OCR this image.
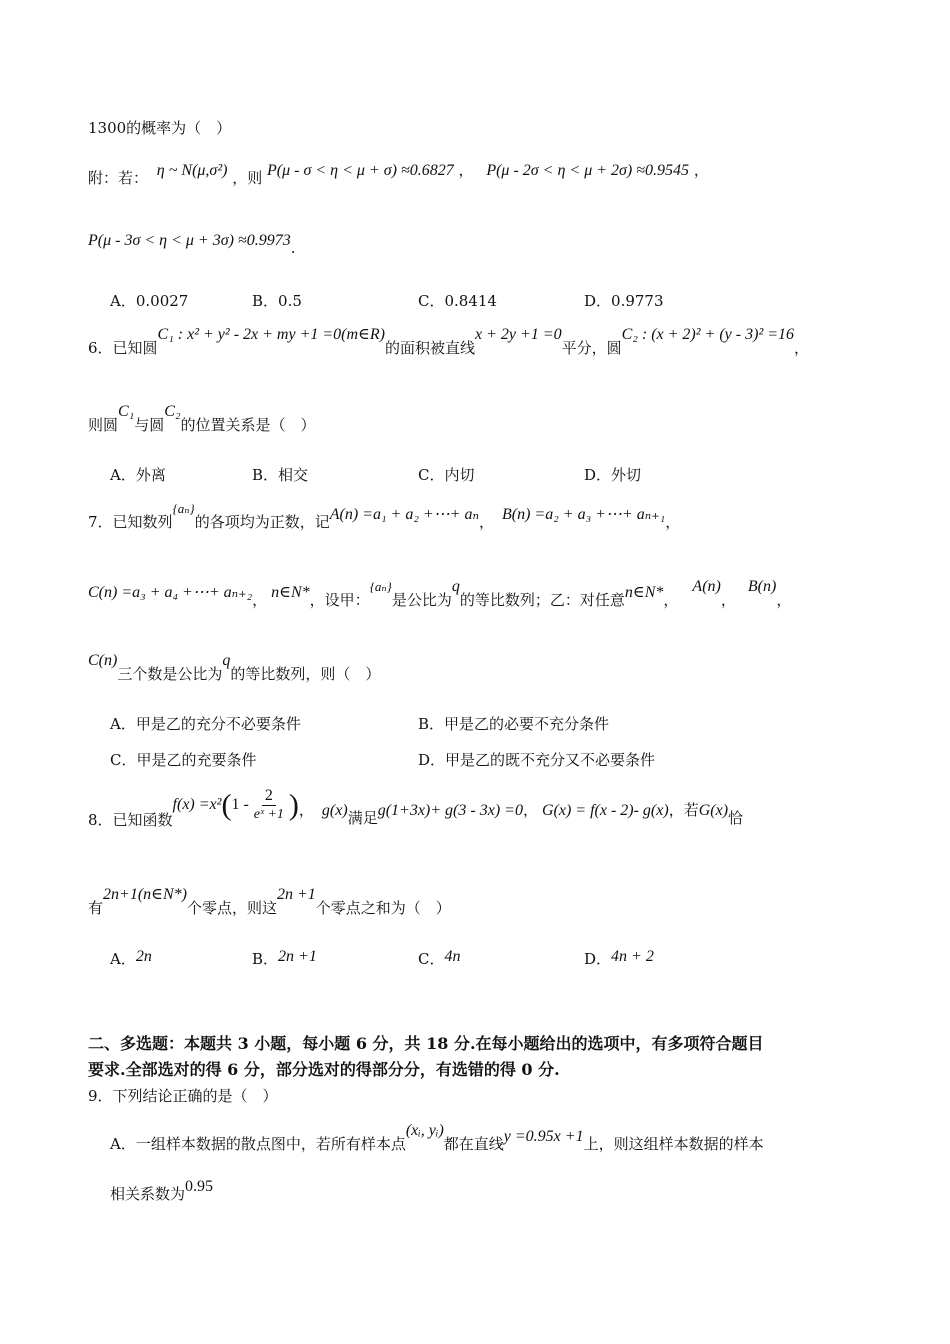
1300的概率为（　）
附：若： η ~ N(μ,σ²) ，则 P(μ - σ < η < μ + σ) ≈0.6827 ， P(μ - 2σ < η < μ + 2σ) ≈0.9545 ，
P(μ - 3σ < η < μ + 3σ) ≈0.9973.
A．0.0027	B．0.5	C．0.8414	D．0.9773
6．已知圆C₁ : x² + y² - 2x + my +1 =0(m∈R)的面积被直线x + 2y +1 =0平分，圆C₂ : (x + 2)² + (y - 3)² =16，
则圆C₁与圆C₂的位置关系是（　）
A．外离	B．相交	C．内切	D．外切
7．已知数列{aₙ}的各项均为正数，记A(n) =a₁ + a₂ +⋯+ aₙ， B(n) =a₂ + a₃ +⋯+ aₙ₊₁，
C(n) =a₃ + a₄ +⋯+ aₙ₊₂， n∈N*，设甲：{aₙ}是公比为q的等比数列；乙：对任意n∈N*，A(n)，B(n)，
C(n)三个数是公比为q的等比数列，则（　）
A．甲是乙的充分不必要条件	B．甲是乙的必要不充分条件
C．甲是乙的充要条件	D．甲是乙的既不充分又不必要条件
8．已知函数$f(x) =x^2(1 - \frac{2}{\text{eˣ +1}}$ )， g(x)满足g(1+3x)+ g(3 - 3x) =0， G(x) = f(x - 2)- g(x)，若G(x)恰
有2n+1(n∈N*)个零点，则这2n +1个零点之和为（　）
A．2n	B．2n +1	C．4n	D．4n + 2
二、多选题：本题共 3 小题，每小题 6 分，共 18 分.在每小题给出的选项中，有多项符合题目
要求.全部选对的得 6 分，部分选对的得部分分，有选错的得 0 分.
9．下列结论正确的是（　）
A．一组样本数据的散点图中，若所有样本点(xᵢ, yᵢ)都在直线y =0.95x +1上，则这组样本数据的样本
相关系数为0.95
